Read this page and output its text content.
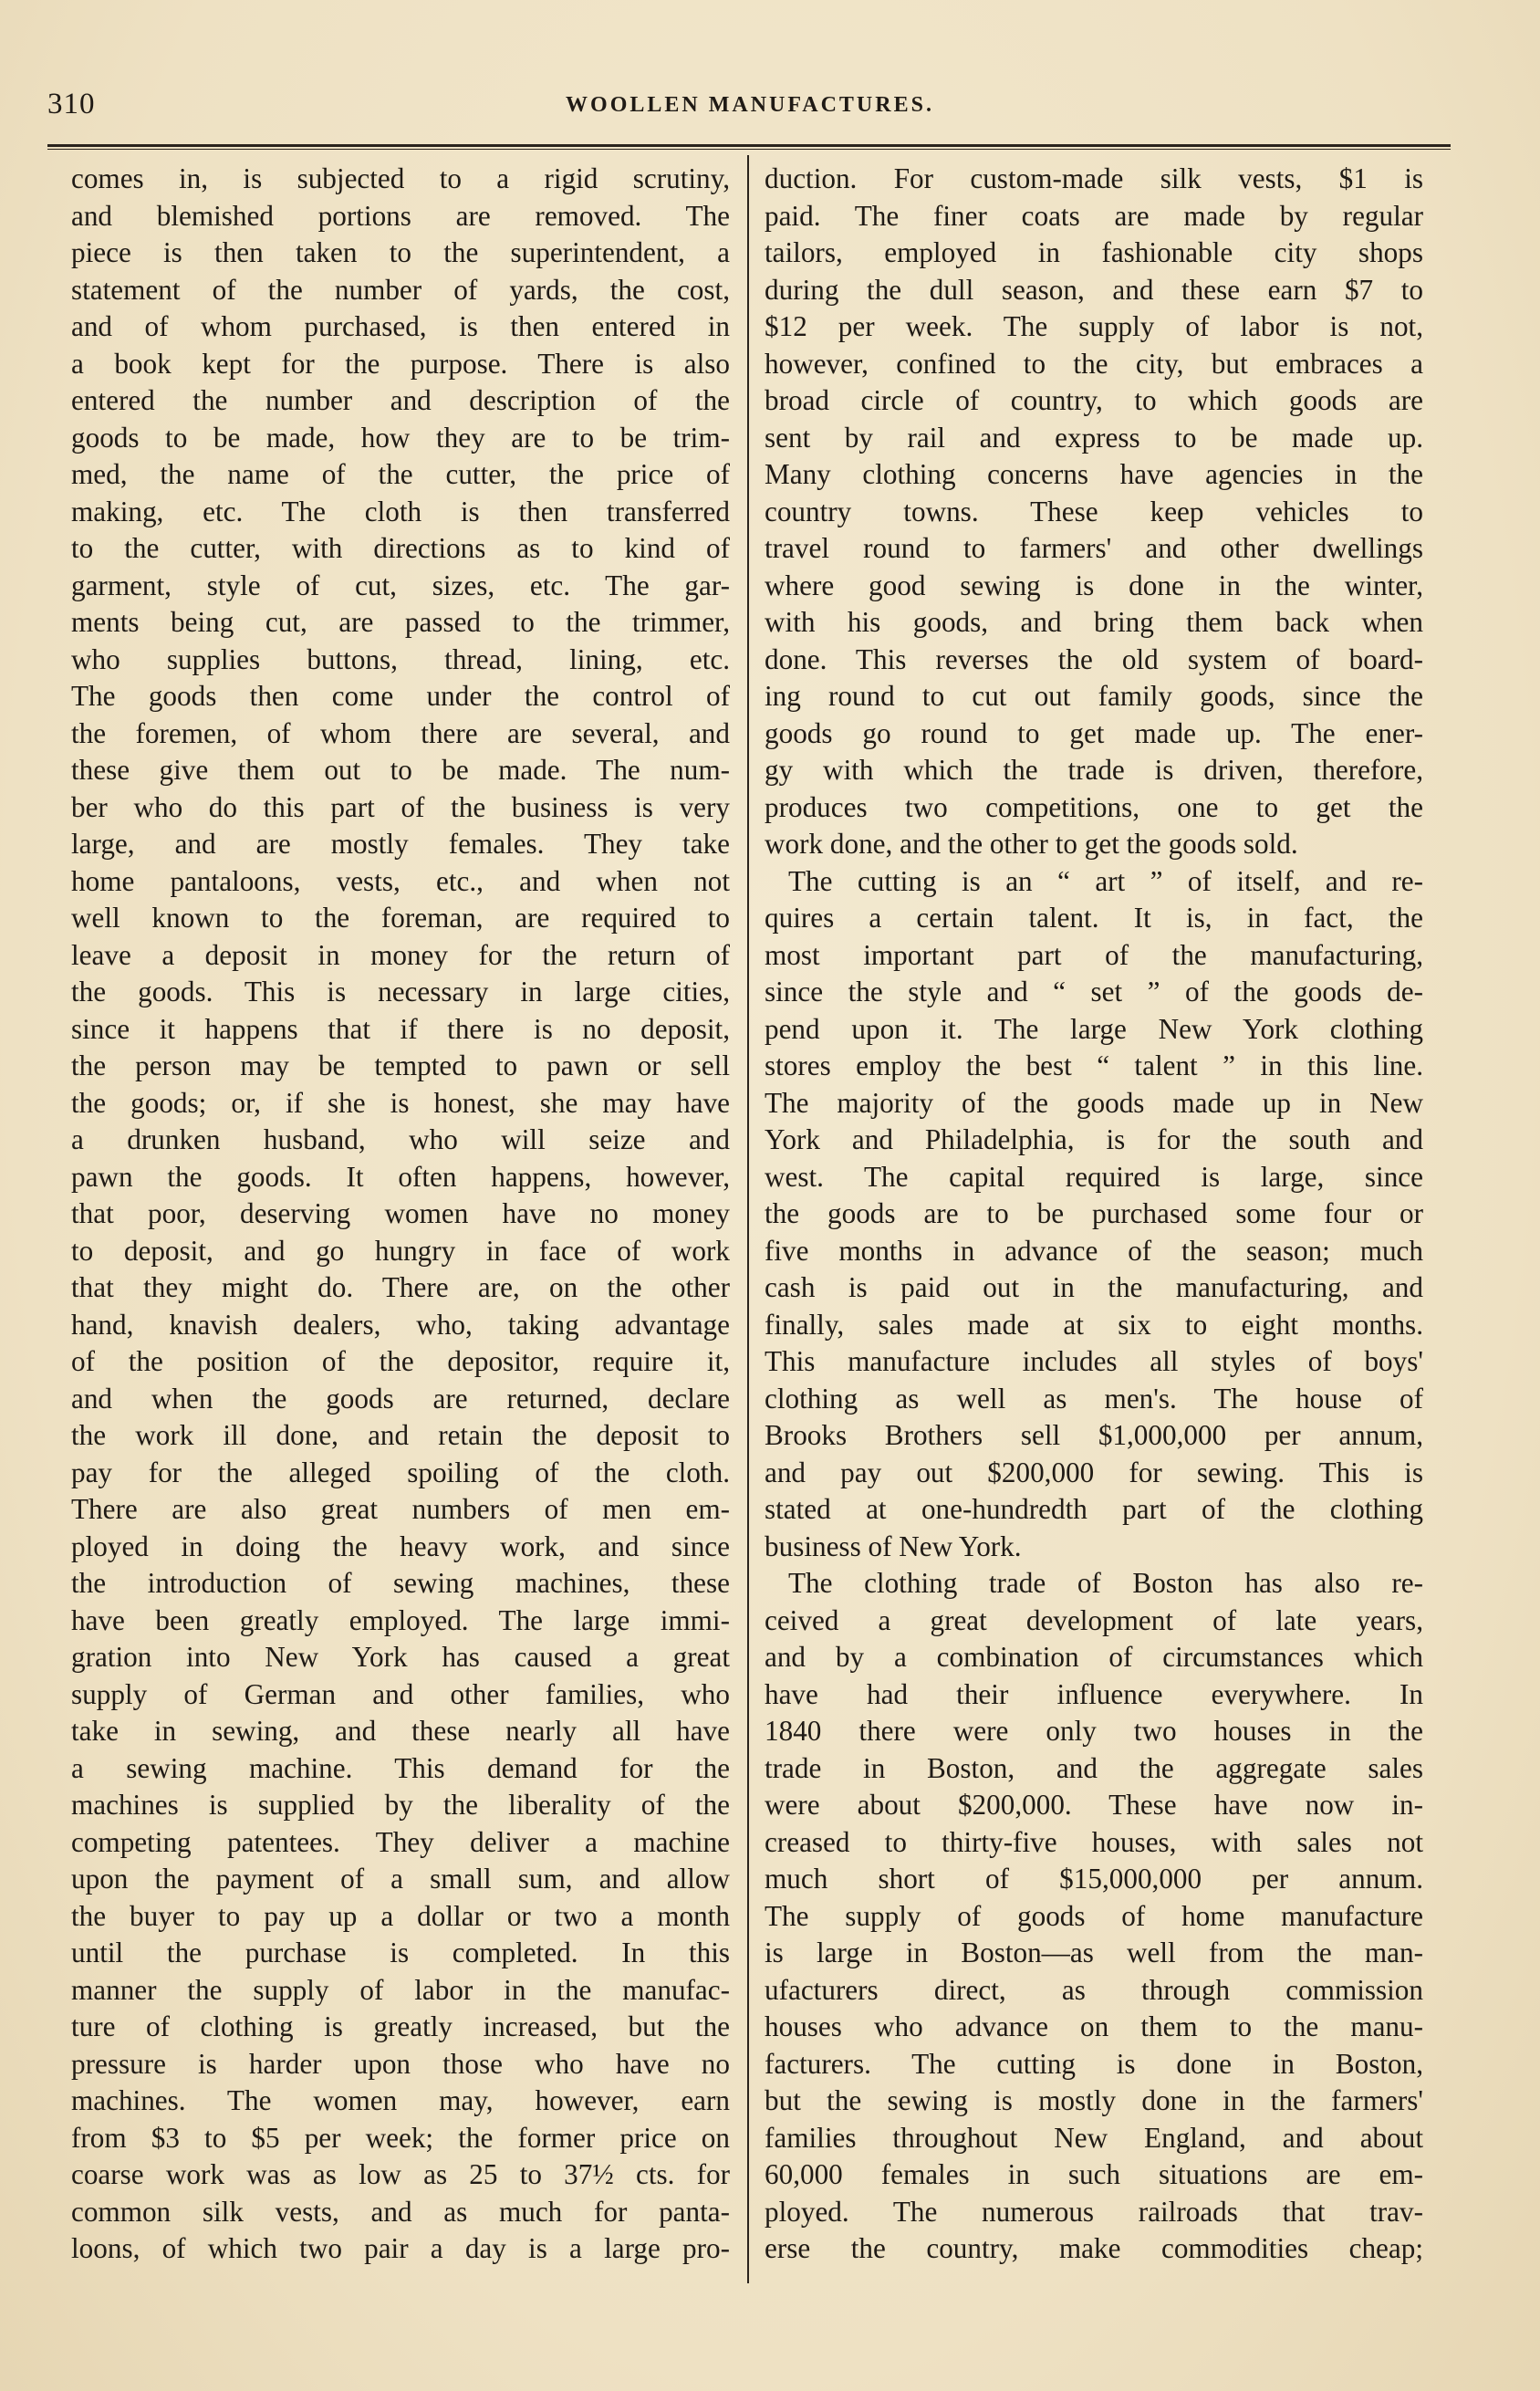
310	WOOLLEN MANUFACTURES.
comes in, is subjected to a rigid scrutiny,
and blemished portions are removed. The
piece is then taken to the superintendent, a
statement of the number of yards, the cost,
and of whom purchased, is then entered in
a book kept for the purpose. There is also
entered the number and description of the
goods to be made, how they are to be trim-
med, the name of the cutter, the price of
making, etc. The cloth is then transferred
to the cutter, with directions as to kind of
garment, style of cut, sizes, etc. The gar-
ments being cut, are passed to the trimmer,
who supplies buttons, thread, lining, etc.
The goods then come under the control of
the foremen, of whom there are several, and
these give them out to be made. The num-
ber who do this part of the business is very
large, and are mostly females. They take
home pantaloons, vests, etc., and when not
well known to the foreman, are required to
leave a deposit in money for the return of
the goods. This is necessary in large cities,
since it happens that if there is no deposit,
the person may be tempted to pawn or sell
the goods; or, if she is honest, she may have
a drunken husband, who will seize and
pawn the goods. It often happens, however,
that poor, deserving women have no money
to deposit, and go hungry in face of work
that they might do. There are, on the other
hand, knavish dealers, who, taking advantage
of the position of the depositor, require it,
and when the goods are returned, declare
the work ill done, and retain the deposit to
pay for the alleged spoiling of the cloth.
There are also great numbers of men em-
ployed in doing the heavy work, and since
the introduction of sewing machines, these
have been greatly employed. The large immi-
gration into New York has caused a great
supply of German and other families, who
take in sewing, and these nearly all have
a sewing machine. This demand for the
machines is supplied by the liberality of the
competing patentees. They deliver a machine
upon the payment of a small sum, and allow
the buyer to pay up a dollar or two a month
until the purchase is completed. In this
manner the supply of labor in the manufac-
ture of clothing is greatly increased, but the
pressure is harder upon those who have no
machines. The women may, however, earn
from $3 to $5 per week; the former price on
coarse work was as low as 25 to 37½ cts. for
common silk vests, and as much for panta-
loons, of which two pair a day is a large pro-
duction. For custom-made silk vests, $1 is
paid. The finer coats are made by regular
tailors, employed in fashionable city shops
during the dull season, and these earn $7 to
$12 per week. The supply of labor is not,
however, confined to the city, but embraces a
broad circle of country, to which goods are
sent by rail and express to be made up.
Many clothing concerns have agencies in the
country towns. These keep vehicles to
travel round to farmers' and other dwellings
where good sewing is done in the winter,
with his goods, and bring them back when
done. This reverses the old system of board-
ing round to cut out family goods, since the
goods go round to get made up. The ener-
gy with which the trade is driven, therefore,
produces two competitions, one to get the
work done, and the other to get the goods sold.
The cutting is an “ art ” of itself, and re-
quires a certain talent. It is, in fact, the
most important part of the manufacturing,
since the style and “ set ” of the goods de-
pend upon it. The large New York clothing
stores employ the best “ talent ” in this line.
The majority of the goods made up in New
York and Philadelphia, is for the south and
west. The capital required is large, since
the goods are to be purchased some four or
five months in advance of the season; much
cash is paid out in the manufacturing, and
finally, sales made at six to eight months.
This manufacture includes all styles of boys'
clothing as well as men's. The house of
Brooks Brothers sell $1,000,000 per annum,
and pay out $200,000 for sewing. This is
stated at one-hundredth part of the clothing
business of New York.
The clothing trade of Boston has also re-
ceived a great development of late years,
and by a combination of circumstances which
have had their influence everywhere. In
1840 there were only two houses in the
trade in Boston, and the aggregate sales
were about $200,000. These have now in-
creased to thirty-five houses, with sales not
much short of $15,000,000 per annum.
The supply of goods of home manufacture
is large in Boston—as well from the man-
ufacturers direct, as through commission
houses who advance on them to the manu-
facturers. The cutting is done in Boston,
but the sewing is mostly done in the farmers'
families throughout New England, and about
60,000 females in such situations are em-
ployed. The numerous railroads that trav-
erse the country, make commodities cheap;
